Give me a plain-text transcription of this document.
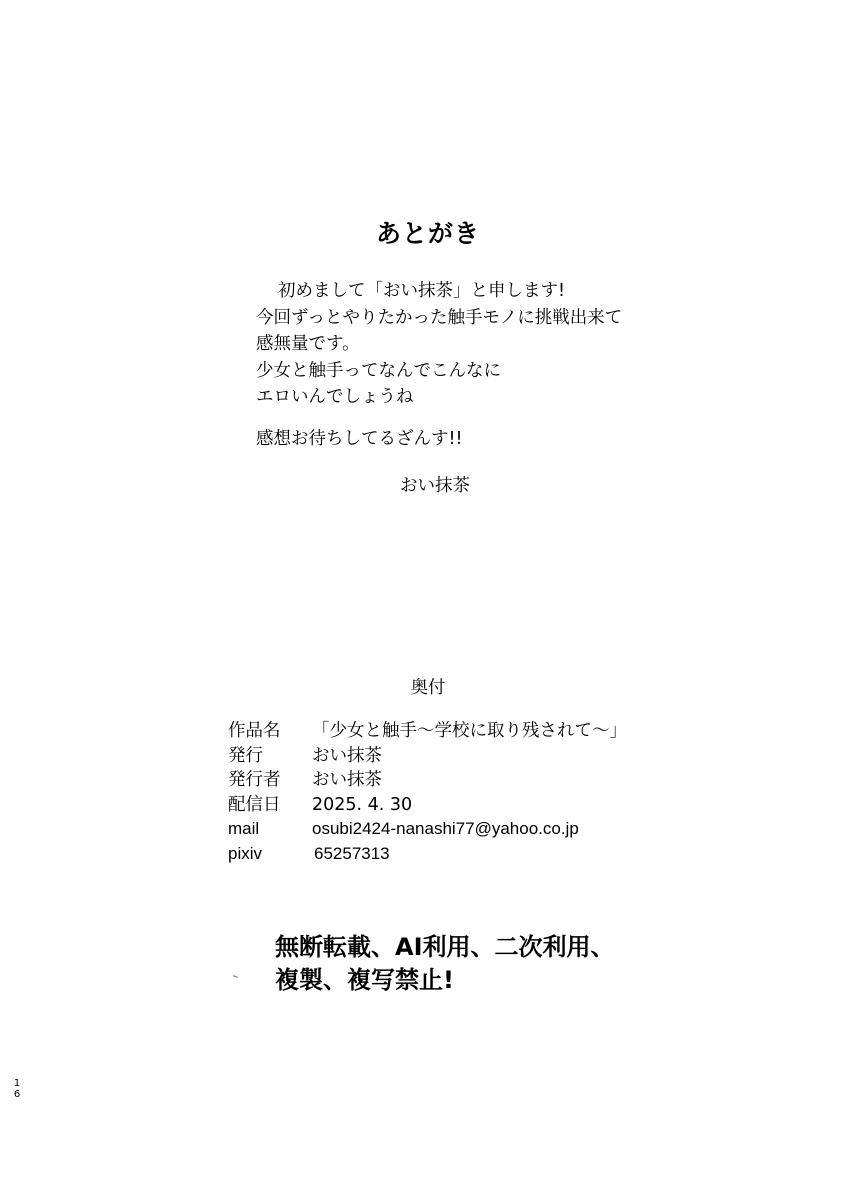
あとがき
初めまして「おい抹茶」と申します!
今回ずっとやりたかった触手モノに挑戦出来て
感無量です。
少女と触手ってなんでこんなに
エロいんでしょうね
感想お待ちしてるざんす!!
おい抹茶
奥付
作品名 「少女と触手～学校に取り残されて～」
発行	おい抹茶
発行者 おい抹茶
配信日 2025. 4. 30
mail	osubi2424-nanashi77@yahoo.co.jp
pixiv	65257313
無断転載、AI利用、二次利用、
複製、複写禁止!
1
6
